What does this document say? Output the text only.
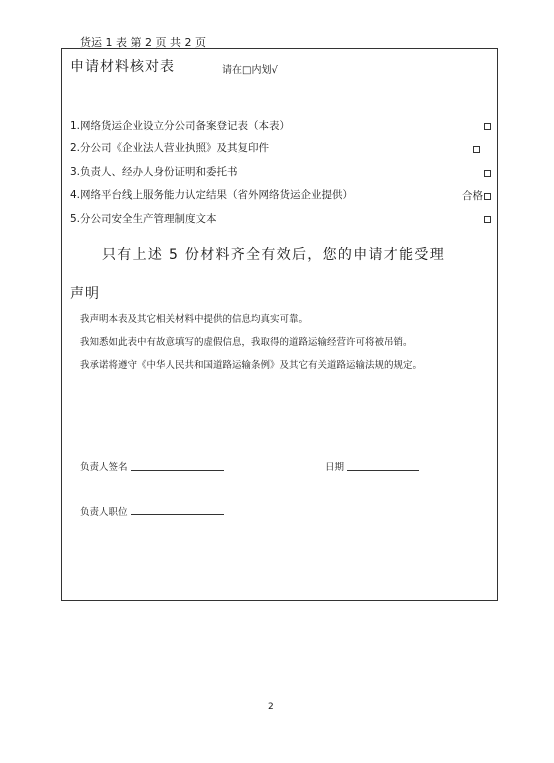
货运 1 表 第 2 页 共 2 页
申请材料核对表	请在□内划√
1.网络货运企业设立分公司备案登记表（本表）
2.分公司《企业法人营业执照》及其复印件
3.负责人、经办人身份证明和委托书
4.网络平台线上服务能力认定结果（省外网络货运企业提供）	合格
5.分公司安全生产管理制度文本
只有上述 5 份材料齐全有效后，您的申请才能受理
声明
我声明本表及其它相关材料中提供的信息均真实可靠。
我知悉如此表中有故意填写的虚假信息，我取得的道路运输经营许可将被吊销。
我承诺将遵守《中华人民共和国道路运输条例》及其它有关道路运输法规的规定。
负责人签名	日期
负责人职位
2
